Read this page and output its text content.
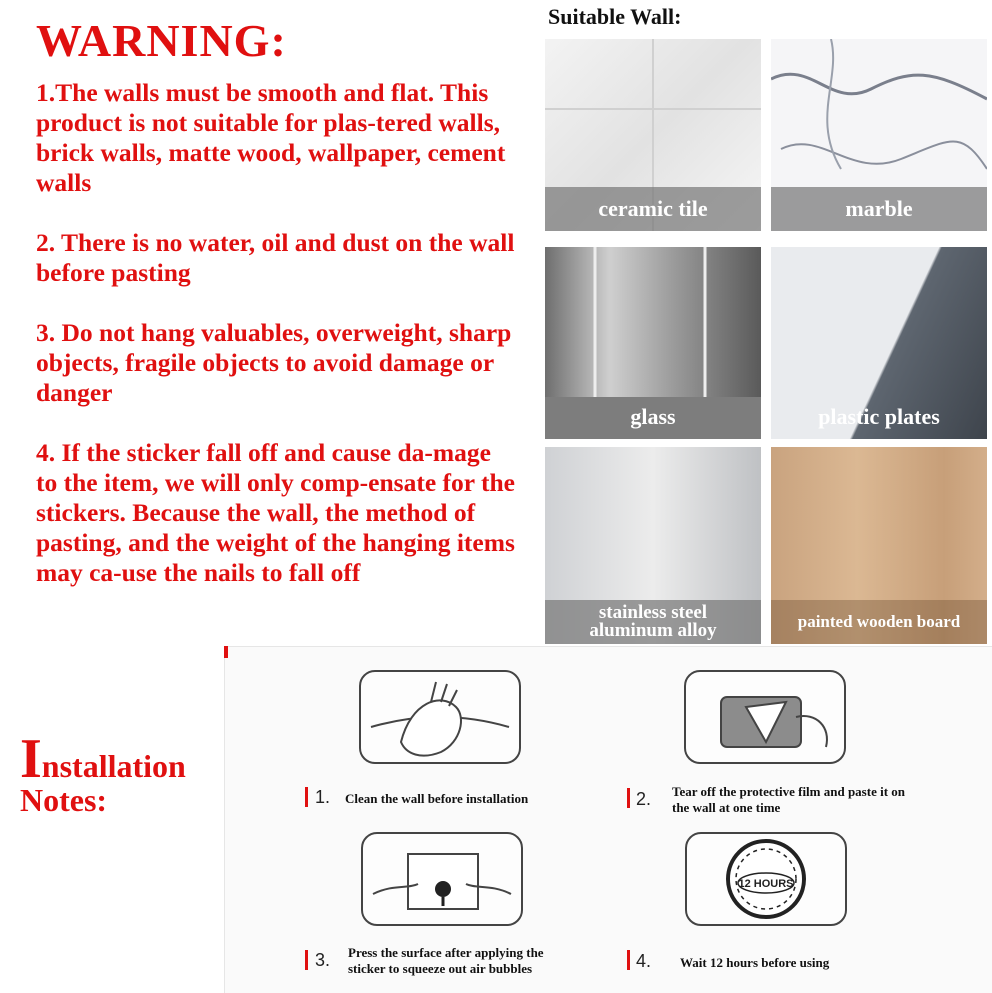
WARNING:

1.The walls must be smooth and flat. This product is not suitable for plas-tered walls, brick walls, matte wood, wallpaper, cement walls

2. There is no water, oil and dust on the wall before pasting

3. Do not hang valuables, overweight, sharp objects, fragile objects to avoid damage or danger

4. If the sticker fall off and cause da-mage to the item, we will only comp-ensate for the stickers. Because the wall, the method of pasting, and the weight of the hanging items may ca-use the nails to fall off

Suitable Wall:
ceramic tile	marble
glass	plastic plates
stainless steel
aluminum alloy	painted wooden board
Installation
Notes:	1. Clean the wall before installation	2. Tear off the protective film and paste it on the wall at one time
3. Press the surface after applying the sticker to squeeze out air bubbles
12 HOURS
4. Wait 12 hours before using
